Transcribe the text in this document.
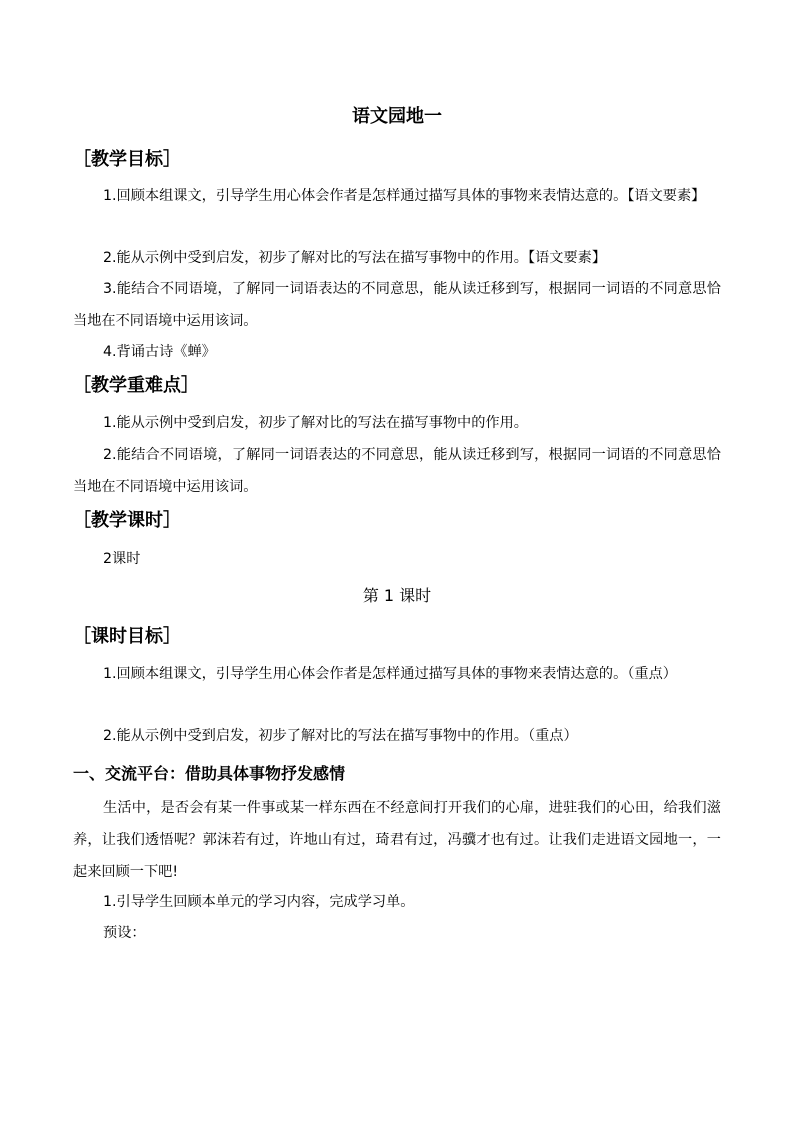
语文园地一
［教学目标］
1.回顾本组课文，引导学生用心体会作者是怎样通过描写具体的事物来表情达意的。【语文要素】
2.能从示例中受到启发，初步了解对比的写法在描写事物中的作用。【语文要素】
3.能结合不同语境，了解同一词语表达的不同意思，能从读迁移到写，根据同一词语的不同意思恰当地在不同语境中运用该词。
4.背诵古诗《蝉》
［教学重难点］
1.能从示例中受到启发，初步了解对比的写法在描写事物中的作用。
2.能结合不同语境，了解同一词语表达的不同意思，能从读迁移到写，根据同一词语的不同意思恰当地在不同语境中运用该词。
［教学课时］
2课时
第 1 课时
［课时目标］
1.回顾本组课文，引导学生用心体会作者是怎样通过描写具体的事物来表情达意的。（重点）
2.能从示例中受到启发，初步了解对比的写法在描写事物中的作用。（重点）
一、交流平台：借助具体事物抒发感情
生活中，是否会有某一件事或某一样东西在不经意间打开我们的心扉，进驻我们的心田，给我们滋养，让我们透悟呢？郭沫若有过，许地山有过，琦君有过，冯骥才也有过。让我们走进语文园地一，一起来回顾一下吧!
1.引导学生回顾本单元的学习内容，完成学习单。
预设：
